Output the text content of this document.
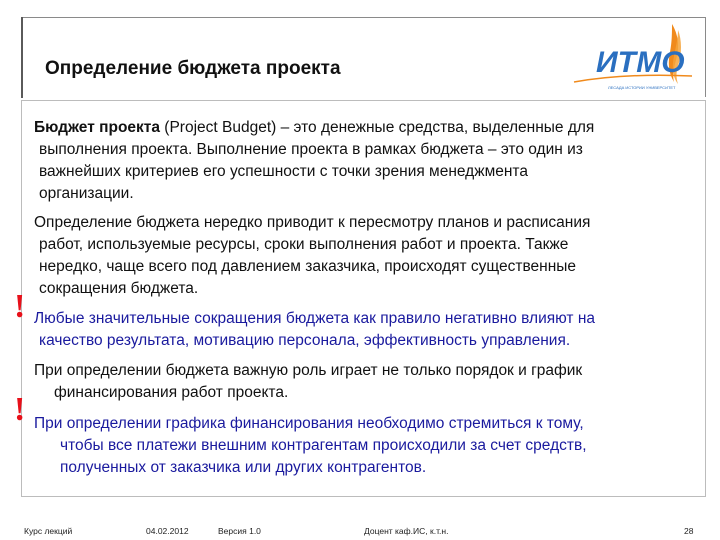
Определение бюджета проекта	ИТМО
ЛЕСАДА ИСТОРИИ УНИВЕРСИТЕТ
Бюджет проекта (Project Budget) – это денежные средства, выделенные для
выполнения проекта. Выполнение проекта в рамках бюджета – это один из
важнейших критериев его успешности с точки зрения менеджмента
организации.
Определение бюджета нередко приводит к пересмотру планов и расписания
работ, используемые ресурсы, сроки выполнения работ и проекта. Также
нередко, чаще всего под давлением заказчика, происходят существенные
сокращения бюджета.
! Любые значительные сокращения бюджета как правило негативно влияют на
качество результата, мотивацию персонала, эффективность управления.
При определении бюджета важную роль играет не только порядок и график
финансирования работ проекта.
! При определении графика финансирования необходимо стремиться к тому,
чтобы все платежи внешним контрагентам происходили за счет средств,
полученных от заказчика или других контрагентов.
Курс лекций	04.02.2012	Версия 1.0	Доцент каф.ИС, к.т.н.	28
